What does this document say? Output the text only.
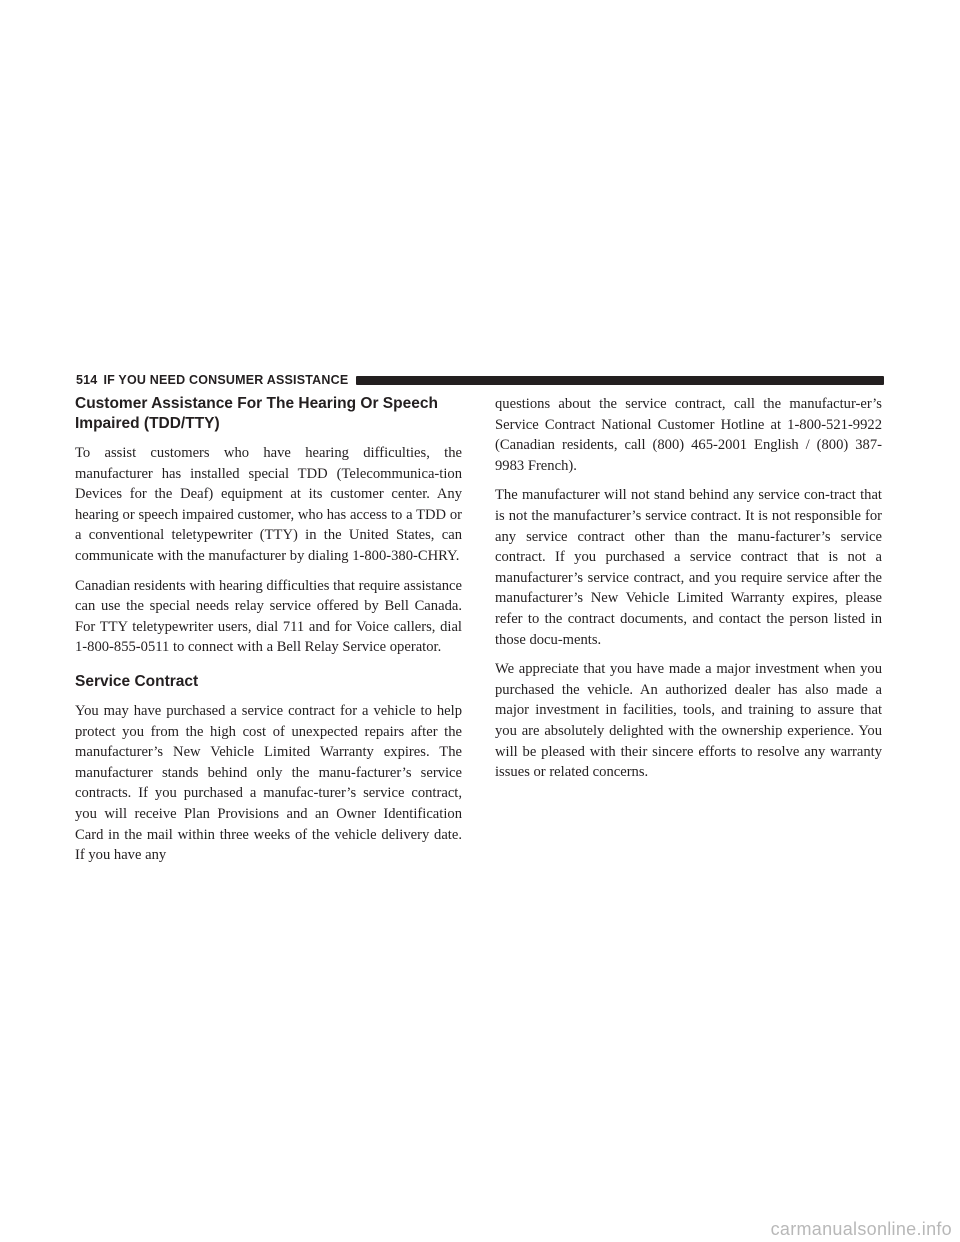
514 IF YOU NEED CONSUMER ASSISTANCE
Customer Assistance For The Hearing Or Speech Impaired (TDD/TTY)

To assist customers who have hearing difficulties, the manufacturer has installed special TDD (Telecommunica-tion Devices for the Deaf) equipment at its customer center. Any hearing or speech impaired customer, who has access to a TDD or a conventional teletypewriter (TTY) in the United States, can communicate with the manufacturer by dialing 1-800-380-CHRY.

Canadian residents with hearing difficulties that require assistance can use the special needs relay service offered by Bell Canada. For TTY teletypewriter users, dial 711 and for Voice callers, dial 1-800-855-0511 to connect with a Bell Relay Service operator.

Service Contract

You may have purchased a service contract for a vehicle to help protect you from the high cost of unexpected repairs after the manufacturer’s New Vehicle Limited Warranty expires. The manufacturer stands behind only the manu-facturer’s service contracts. If you purchased a manufac-turer’s service contract, you will receive Plan Provisions and an Owner Identification Card in the mail within three weeks of the vehicle delivery date. If you have any

questions about the service contract, call the manufactur-er’s Service Contract National Customer Hotline at 1-800-521-9922 (Canadian residents, call (800) 465-2001 English / (800) 387-9983 French).

The manufacturer will not stand behind any service con-tract that is not the manufacturer’s service contract. It is not responsible for any service contract other than the manu-facturer’s service contract. If you purchased a service contract that is not a manufacturer’s service contract, and you require service after the manufacturer’s New Vehicle Limited Warranty expires, please refer to the contract documents, and contact the person listed in those docu-ments.

We appreciate that you have made a major investment when you purchased the vehicle. An authorized dealer has also made a major investment in facilities, tools, and training to assure that you are absolutely delighted with the ownership experience. You will be pleased with their sincere efforts to resolve any warranty issues or related concerns.

carmanualsonline.info
